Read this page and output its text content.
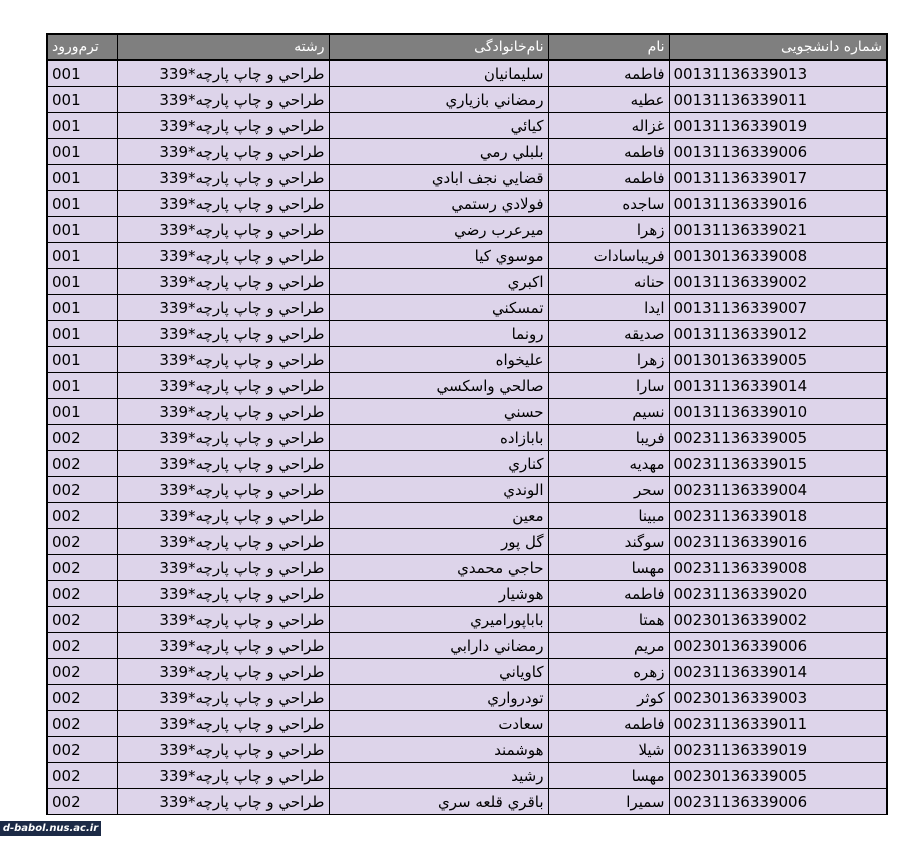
ترم‌ورود	رشته	نام‌خانوادگی	نام	شماره دانشجویی
001	طراحي و چاپ پارچه*339	سليمانيان	فاطمه	00131136339013
001	طراحي و چاپ پارچه*339	رمضاني بازياري	عطيه	00131136339011
001	طراحي و چاپ پارچه*339	كيائي	غزاله	00131136339019
001	طراحي و چاپ پارچه*339	بلبلي رمي	فاطمه	00131136339006
001	طراحي و چاپ پارچه*339	قضايي نجف ابادي	فاطمه	00131136339017
001	طراحي و چاپ پارچه*339	فولادي رستمي	ساجده	00131136339016
001	طراحي و چاپ پارچه*339	ميرعرب رضي	زهرا	00131136339021
001	طراحي و چاپ پارچه*339	موسوي كيا	فريباسادات	00130136339008
001	طراحي و چاپ پارچه*339	اكبري	حنانه	00131136339002
001	طراحي و چاپ پارچه*339	تمسكني	ايدا	00131136339007
001	طراحي و چاپ پارچه*339	رونما	صديقه	00131136339012
001	طراحي و چاپ پارچه*339	عليخواه	زهرا	00130136339005
001	طراحي و چاپ پارچه*339	صالحي واسكسي	سارا	00131136339014
001	طراحي و چاپ پارچه*339	حسني	نسيم	00131136339010
002	طراحي و چاپ پارچه*339	بابازاده	فريبا	00231136339005
002	طراحي و چاپ پارچه*339	كناري	مهديه	00231136339015
002	طراحي و چاپ پارچه*339	الوندي	سحر	00231136339004
002	طراحي و چاپ پارچه*339	معين	مبينا	00231136339018
002	طراحي و چاپ پارچه*339	گل پور	سوگند	00231136339016
002	طراحي و چاپ پارچه*339	حاجي محمدي	مهسا	00231136339008
002	طراحي و چاپ پارچه*339	هوشيار	فاطمه	00231136339020
002	طراحي و چاپ پارچه*339	باباپوراميري	همتا	00230136339002
002	طراحي و چاپ پارچه*339	رمضاني دارابي	مريم	00230136339006
002	طراحي و چاپ پارچه*339	كاوياني	زهره	00231136339014
002	طراحي و چاپ پارچه*339	تودرواري	كوثر	00230136339003
002	طراحي و چاپ پارچه*339	سعادت	فاطمه	00231136339011
002	طراحي و چاپ پارچه*339	هوشمند	شيلا	00231136339019
002	طراحي و چاپ پارچه*339	رشيد	مهسا	00230136339005
002	طراحي و چاپ پارچه*339	باقري قلعه سري	سميرا	00231136339006
d-babol.nus.ac.ir
